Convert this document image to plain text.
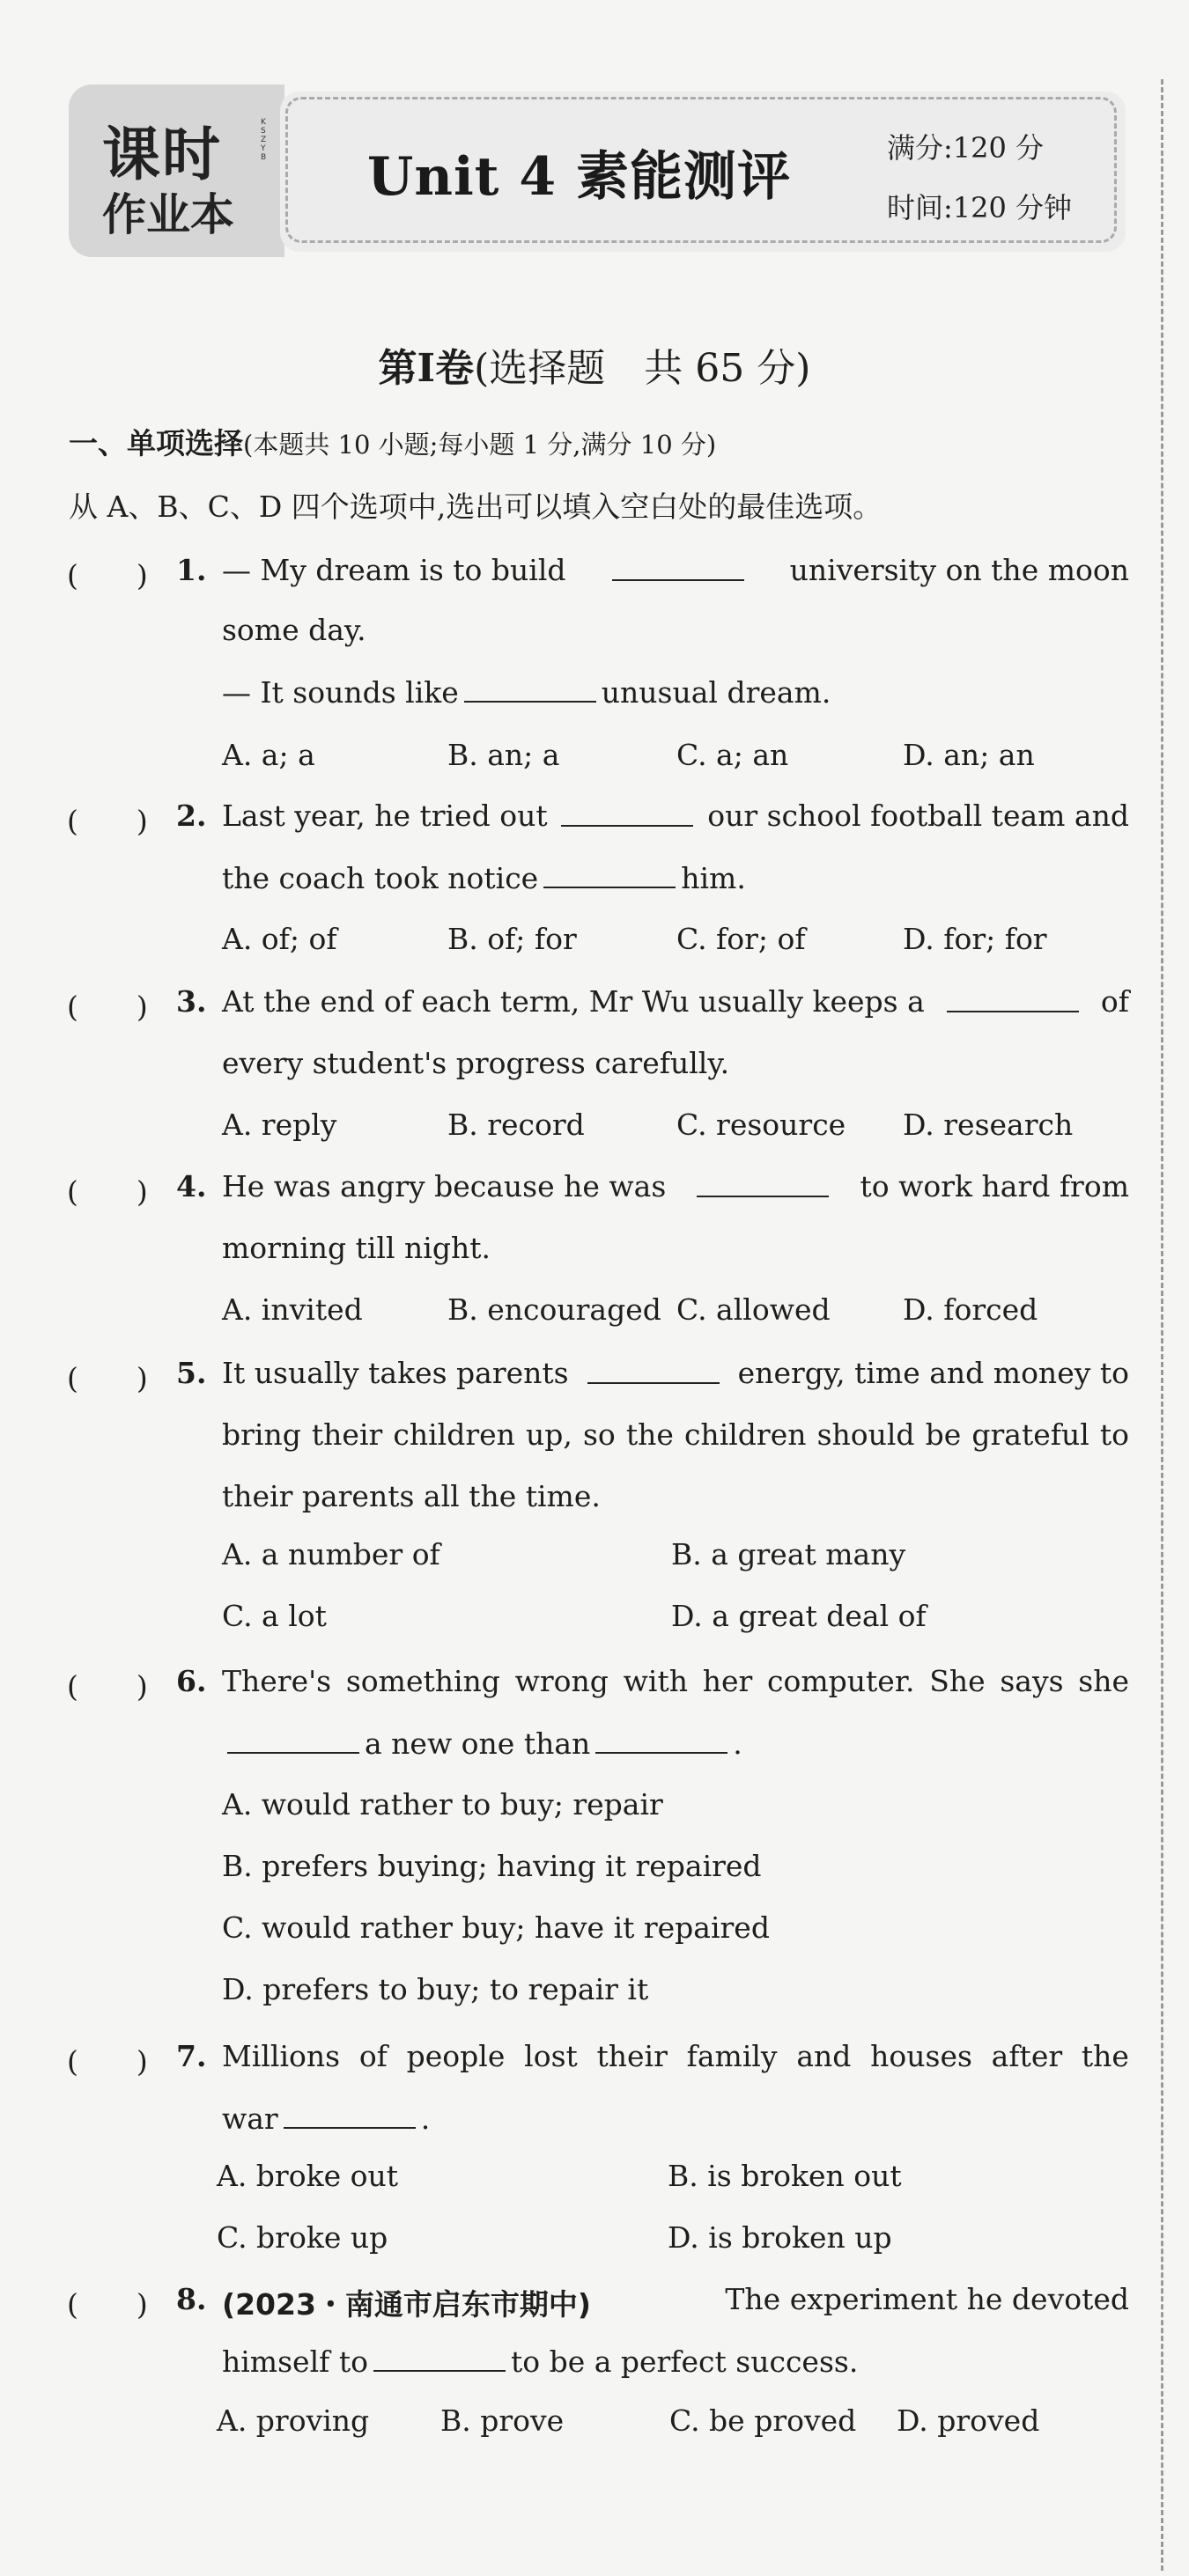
课时
作业本
KSZYB Unit 4 素能测评	满分:120 分
时间:120 分钟
第Ⅰ卷(选择题　共 65 分)
一、单项选择(本题共 10 小题;每小题 1 分,满分 10 分)
从 A、B、C、D 四个选项中,选出可以填入空白处的最佳选项。
(　　) 1. — My dream is to build	university on the moon
some day.
— It sounds like	unusual dream.
A. a; a	B. an; a	C. a; an	D. an; an
(　　) 2. Last year, he tried out	our school football team and
the coach took notice	him.
A. of; of	B. of; for	C. for; of	D. for; for
(　　) 3. At the end of each term, Mr Wu usually keeps a	of
every student's progress carefully.
A. reply	B. record	C. resource D. research
(　　) 4. He was angry because he was	to work hard from
morning till night.
A. invited	B. encouraged C. allowed D. forced
(　　) 5. It usually takes parents	energy, time and money to
bring their children up, so the children should be grateful to
their parents all the time.
A. a number of	B. a great many
C. a lot	D. a great deal of
(　　) 6. There's something wrong with her computer. She says she
a new one than	.
A. would rather to buy; repair
B. prefers buying; having it repaired
C. would rather buy; have it repaired
D. prefers to buy; to repair it
(　　) 7. Millions of people lost their family and houses after the
war	.
A. broke out	B. is broken out
C. broke up	D. is broken up
(　　) 8. (2023・南通市启东市期中)	The experiment he devoted
himself to	to be a perfect success.
A. proving B. prove	C. be proved D. proved
